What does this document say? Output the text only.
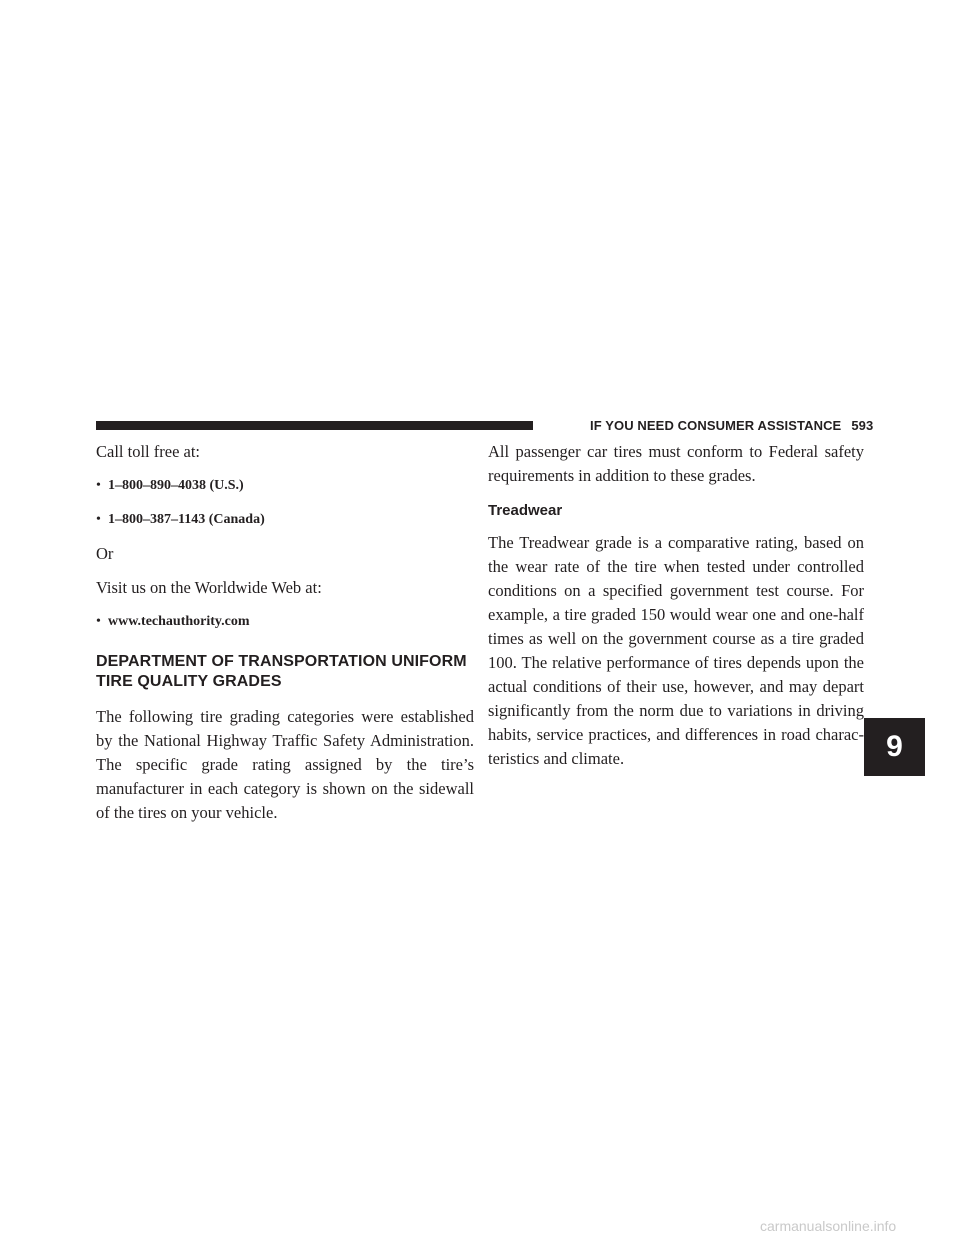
IF YOU NEED CONSUMER ASSISTANCE 593

Call toll free at:

• 1–800–890–4038 (U.S.)
• 1–800–387–1143 (Canada)

Or

Visit us on the Worldwide Web at:

• www.techauthority.com
DEPARTMENT OF TRANSPORTATION UNIFORM
TIRE QUALITY GRADES

The following tire grading categories were established by the National Highway Traffic Safety Administration. The specific grade rating assigned by the tire’s manufacturer in each category is shown on the sidewall of the tires on your vehicle.

All passenger car tires must conform to Federal safety requirements in addition to these grades.

Treadwear

The Treadwear grade is a comparative rating, based on the wear rate of the tire when tested under controlled conditions on a specified government test course. For example, a tire graded 150 would wear one and one-half times as well on the government course as a tire graded 100. The relative performance of tires depends upon the actual conditions of their use, however, and may depart significantly from the norm due to variations in driving habits, service practices, and differences in road charac-teristics and climate.	9
carmanualsonline.info
